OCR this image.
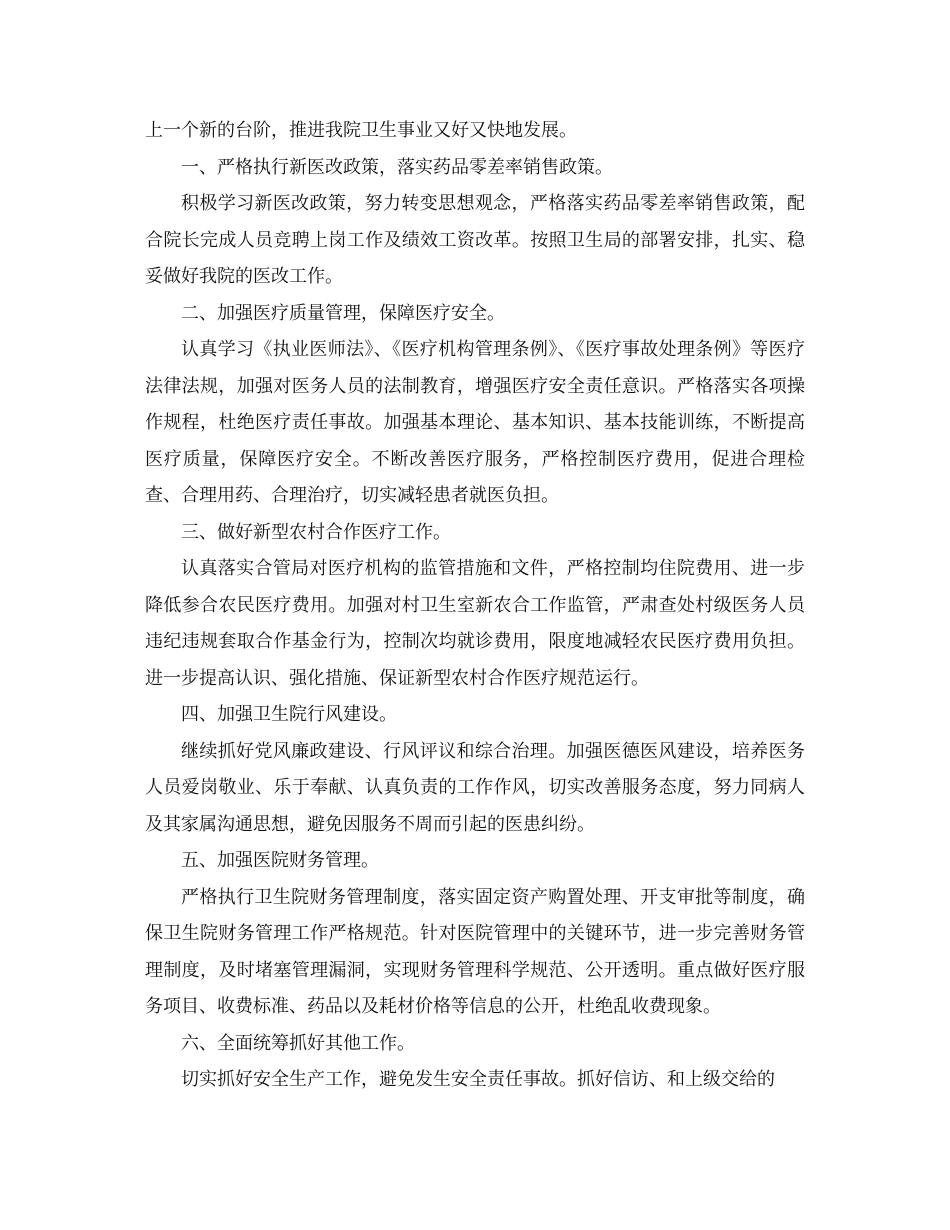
上一个新的台阶，推进我院卫生事业又好又快地发展。

一、严格执行新医改政策，落实药品零差率销售政策。

积极学习新医改政策，努力转变思想观念，严格落实药品零差率销售政策，配合院长完成人员竞聘上岗工作及绩效工资改革。按照卫生局的部署安排，扎实、稳妥做好我院的医改工作。

二、加强医疗质量管理，保障医疗安全。

认真学习《执业医师法》、《医疗机构管理条例》、《医疗事故处理条例》等医疗法律法规，加强对医务人员的法制教育，增强医疗安全责任意识。严格落实各项操作规程，杜绝医疗责任事故。加强基本理论、基本知识、基本技能训练，不断提高医疗质量，保障医疗安全。不断改善医疗服务，严格控制医疗费用，促进合理检查、合理用药、合理治疗，切实减轻患者就医负担。

三、做好新型农村合作医疗工作。

认真落实合管局对医疗机构的监管措施和文件，严格控制均住院费用、进一步降低参合农民医疗费用。加强对村卫生室新农合工作监管，严肃查处村级医务人员违纪违规套取合作基金行为，控制次均就诊费用，限度地减轻农民医疗费用负担。进一步提高认识、强化措施、保证新型农村合作医疗规范运行。

四、加强卫生院行风建设。

继续抓好党风廉政建设、行风评议和综合治理。加强医德医风建设，培养医务人员爱岗敬业、乐于奉献、认真负责的工作作风，切实改善服务态度，努力同病人及其家属沟通思想，避免因服务不周而引起的医患纠纷。

五、加强医院财务管理。

严格执行卫生院财务管理制度，落实固定资产购置处理、开支审批等制度，确保卫生院财务管理工作严格规范。针对医院管理中的关键环节，进一步完善财务管理制度，及时堵塞管理漏洞，实现财务管理科学规范、公开透明。重点做好医疗服务项目、收费标准、药品以及耗材价格等信息的公开，杜绝乱收费现象。

六、全面统筹抓好其他工作。

切实抓好安全生产工作，避免发生安全责任事故。抓好信访、和上级交给的
